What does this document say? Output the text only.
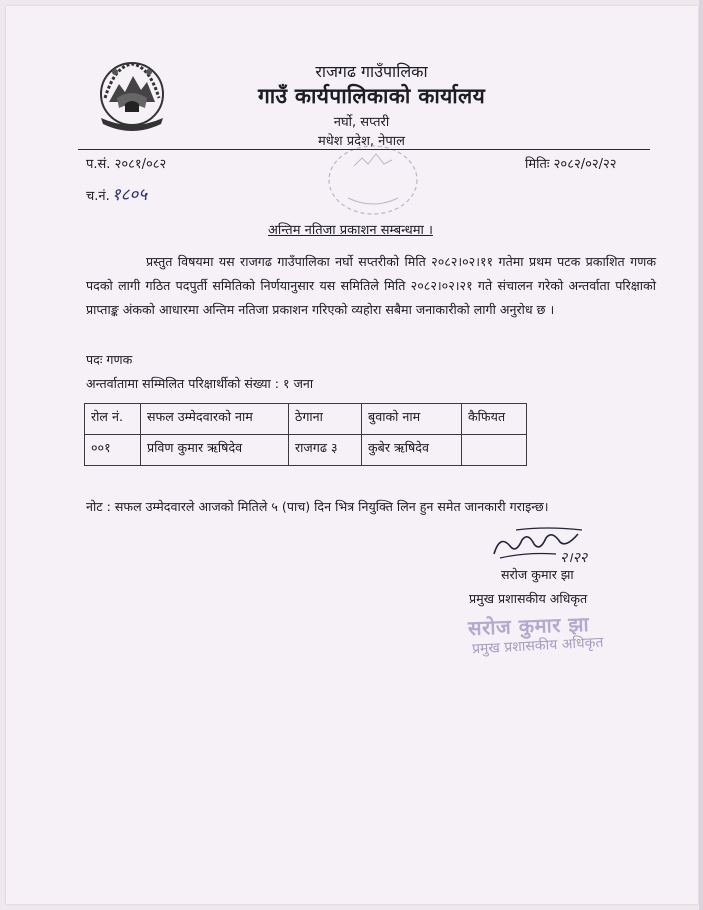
राजगढ गाउँपालिका
गाउँ कार्यपालिकाको कार्यालय
नर्घो, सप्तरी
मधेश प्रदेश, नेपाल
प.सं. २०८१/०८२	मितिः २०८२/०२/२२
च.नं. १८०५
अन्तिम नतिजा प्रकाशन सम्बन्धमा ।
प्रस्तुत विषयमा यस राजगढ गाउँपालिका नर्घो सप्तरीको मिति २०८२।०२।११ गतेमा प्रथम पटक प्रकाशित गणक पदको लागी गठित पदपुर्ती समितिको निर्णयानुसार यस समितिले मिति २०८२।०२।२१ गते संचालन गरेको अन्तर्वाता परिक्षाको प्राप्ताङ्क अंकको आधारमा अन्तिम नतिजा प्रकाशन गरिएको व्यहोरा सबैमा जनाकारीको लागी अनुरोध छ ।
पदः गणक
अन्तर्वातामा सम्मिलित परिक्षार्थीको संख्या : १ जना
रोल नं.	सफल उम्मेदवारको नाम	ठेगाना	बुवाको नाम	कैफियत
००१	प्रविण कुमार ऋषिदेव	राजगढ ३	कुबेर ऋषिदेव	
नोट : सफल उम्मेदवारले आजको मितिले ५ (पाच) दिन भित्र नियुक्ति लिन हुन समेत जानकारी गराइन्छ।
२।२२
सरोज कुमार झा
प्रमुख प्रशासकीय अधिकृत
सरोज कुमार झा
प्रमुख प्रशासकीय अधिकृत
